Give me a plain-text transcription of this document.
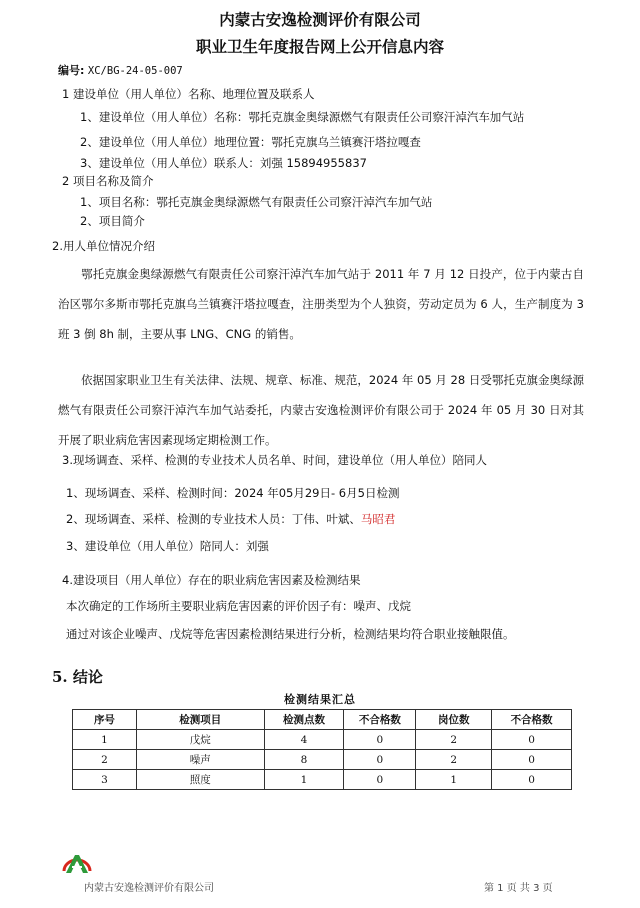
内蒙古安逸检测评价有限公司
职业卫生年度报告网上公开信息内容
编号: XC/BG-24-05-007
1 建设单位（用人单位）名称、地理位置及联系人
1、建设单位（用人单位）名称：鄂托克旗金奥绿源燃气有限责任公司察汗淖汽车加气站
2、建设单位（用人单位）地理位置：鄂托克旗乌兰镇赛汗塔拉嘎查
3、建设单位（用人单位）联系人：刘强 15894955837
2 项目名称及简介
1、项目名称：鄂托克旗金奥绿源燃气有限责任公司察汗淖汽车加气站
2、项目简介
2.用人单位情况介绍
鄂托克旗金奥绿源燃气有限责任公司察汗淖汽车加气站于 2011 年 7 月 12 日投产，位于内蒙古自治区鄂尔多斯市鄂托克旗乌兰镇赛汗塔拉嘎查，注册类型为个人独资，劳动定员为 6 人，生产制度为 3 班 3 倒 8h 制，主要从事 LNG、CNG 的销售。
依据国家职业卫生有关法律、法规、规章、标准、规范，2024 年 05 月 28 日受鄂托克旗金奥绿源燃气有限责任公司察汗淖汽车加气站委托，内蒙古安逸检测评价有限公司于 2024 年 05 月 30 日对其开展了职业病危害因素现场定期检测工作。
3.现场调查、采样、检测的专业技术人员名单、时间，建设单位（用人单位）陪同人
1、现场调查、采样、检测时间：2024 年05月29日- 6月5日检测
2、现场调查、采样、检测的专业技术人员：丁伟、叶斌、马昭君
3、建设单位（用人单位）陪同人：刘强
4.建设项目（用人单位）存在的职业病危害因素及检测结果
本次确定的工作场所主要职业病危害因素的评价因子有：噪声、戊烷
通过对该企业噪声、戊烷等危害因素检测结果进行分析，检测结果均符合职业接触限值。
5. 结论
检测结果汇总
序号	检测项目	检测点数	不合格数	岗位数	不合格数
1	戊烷	4	0	2	0
2	噪声	8	0	2	0
3	照度	1	0	1	0
内蒙古安逸检测评价有限公司	第 1 页 共 3 页
